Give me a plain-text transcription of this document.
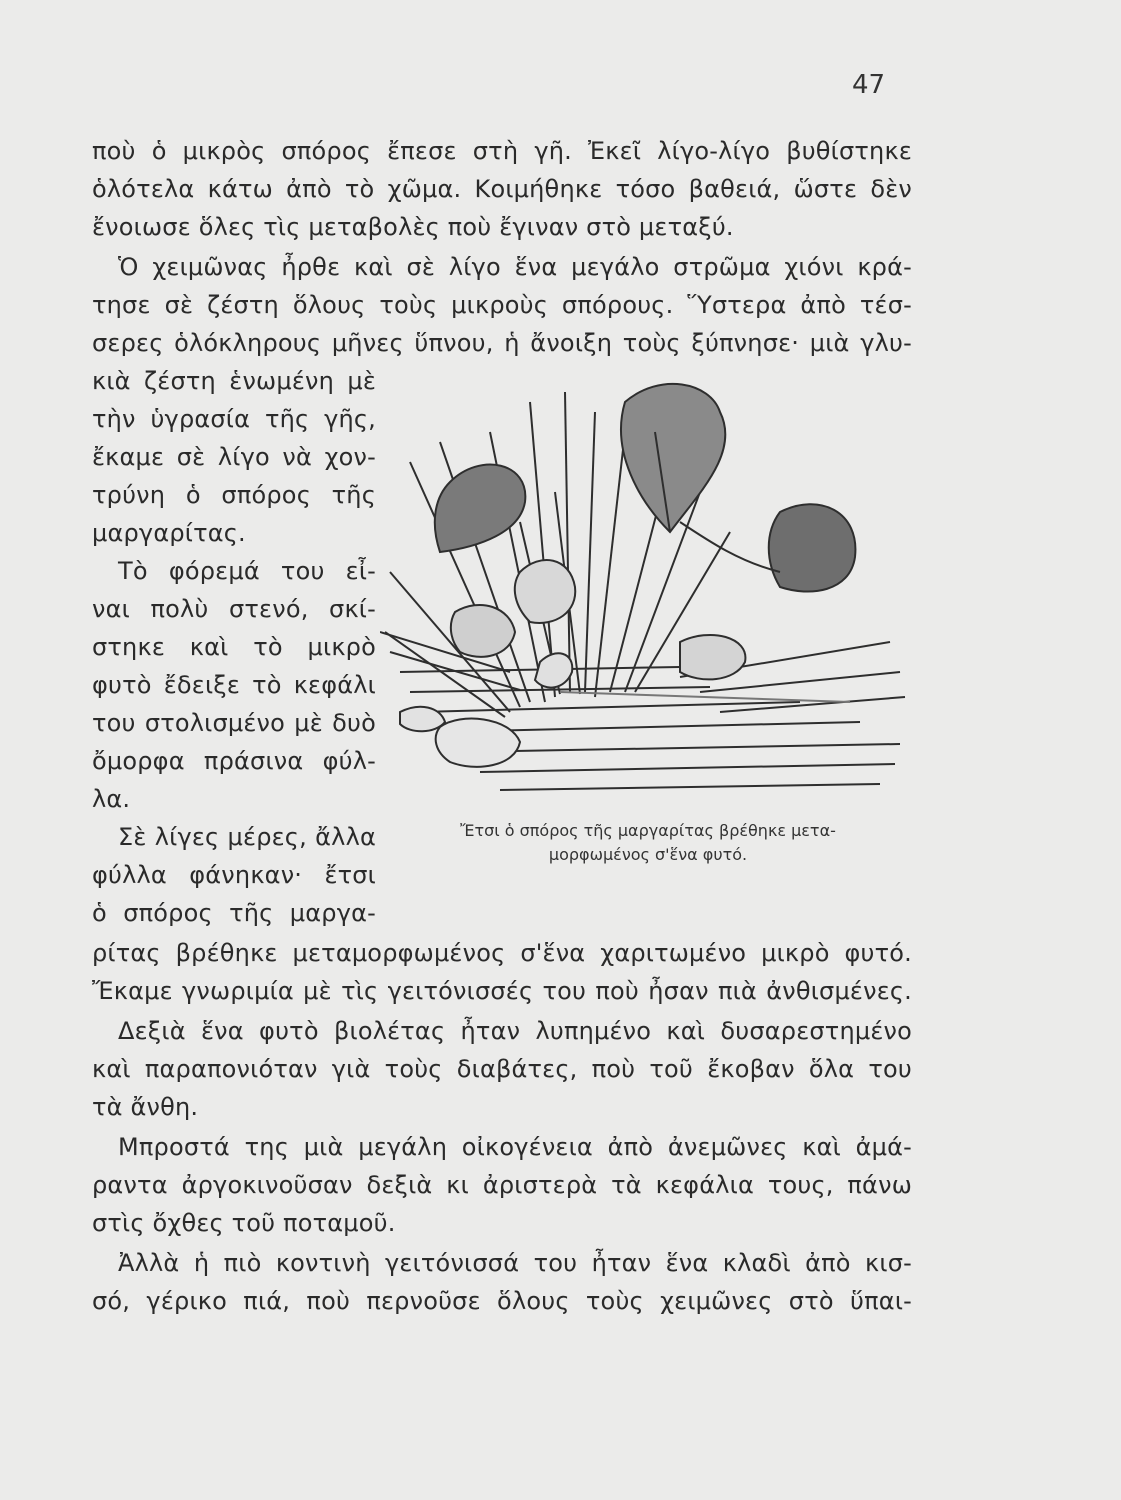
47
ποὺ ὁ μικρὸς σπόρος ἔπεσε στὴ γῆ. Ἐκεῖ λίγο-λίγο βυθίστηκε
ὁλότελα κάτω ἀπὸ τὸ χῶμα. Κοιμήθηκε τόσο βαθειά, ὥστε δὲν
ἔνοιωσε ὅλες τὶς μεταβολὲς ποὺ ἔγιναν στὸ μεταξύ.
Ὁ χειμῶνας ἦρθε καὶ σὲ λίγο ἕνα μεγάλο στρῶμα χιόνι κρά-
τησε σὲ ζέστη ὅλους τοὺς μικροὺς σπόρους. Ὕστερα ἀπὸ τέσ-
σερες ὁλόκληρους μῆνες ὕπνου, ἡ ἄνοιξη τοὺς ξύπνησε· μιὰ γλυ-
κιὰ ζέστη ἑνωμένη μὲ
τὴν ὑγρασία τῆς γῆς,
ἔκαμε σὲ λίγο νὰ χον-
τρύνη ὁ σπόρος τῆς
μαργαρίτας.
Τὸ φόρεμά του εἶ-
ναι πολὺ στενό, σκί-
στηκε καὶ τὸ μικρὸ
φυτὸ ἔδειξε τὸ κεφάλι
του στολισμένο μὲ δυὸ
ὄμορφα πράσινα φύλ-
λα.
Σὲ λίγες μέρες, ἄλλα
φύλλα φάνηκαν· ἔτσι
ὁ σπόρος τῆς μαργα-
Ἔτσι ὁ σπόρος τῆς μαργαρίτας βρέθηκε μετα-
μορφωμένος σ'ἕνα φυτό.
ρίτας βρέθηκε μεταμορφωμένος σ'ἕνα χαριτωμένο μικρὸ φυτό.
Ἔκαμε γνωριμία μὲ τὶς γειτόνισσές του ποὺ ἦσαν πιὰ ἀνθισμένες.
Δεξιὰ ἕνα φυτὸ βιολέτας ἦταν λυπημένο καὶ δυσαρεστημένο
καὶ παραπονιόταν γιὰ τοὺς διαβάτες, ποὺ τοῦ ἔκοβαν ὅλα του
τὰ ἄνθη.
Μπροστά της μιὰ μεγάλη οἰκογένεια ἀπὸ ἀνεμῶνες καὶ ἀμά-
ραντα ἀργοκινοῦσαν δεξιὰ κι ἀριστερὰ τὰ κεφάλια τους, πάνω
στὶς ὄχθες τοῦ ποταμοῦ.
Ἀλλὰ ἡ πιὸ κοντινὴ γειτόνισσά του ἦταν ἕνα κλαδὶ ἀπὸ κισ-
σό, γέρικο πιά, ποὺ περνοῦσε ὅλους τοὺς χειμῶνες στὸ ὕπαι-
